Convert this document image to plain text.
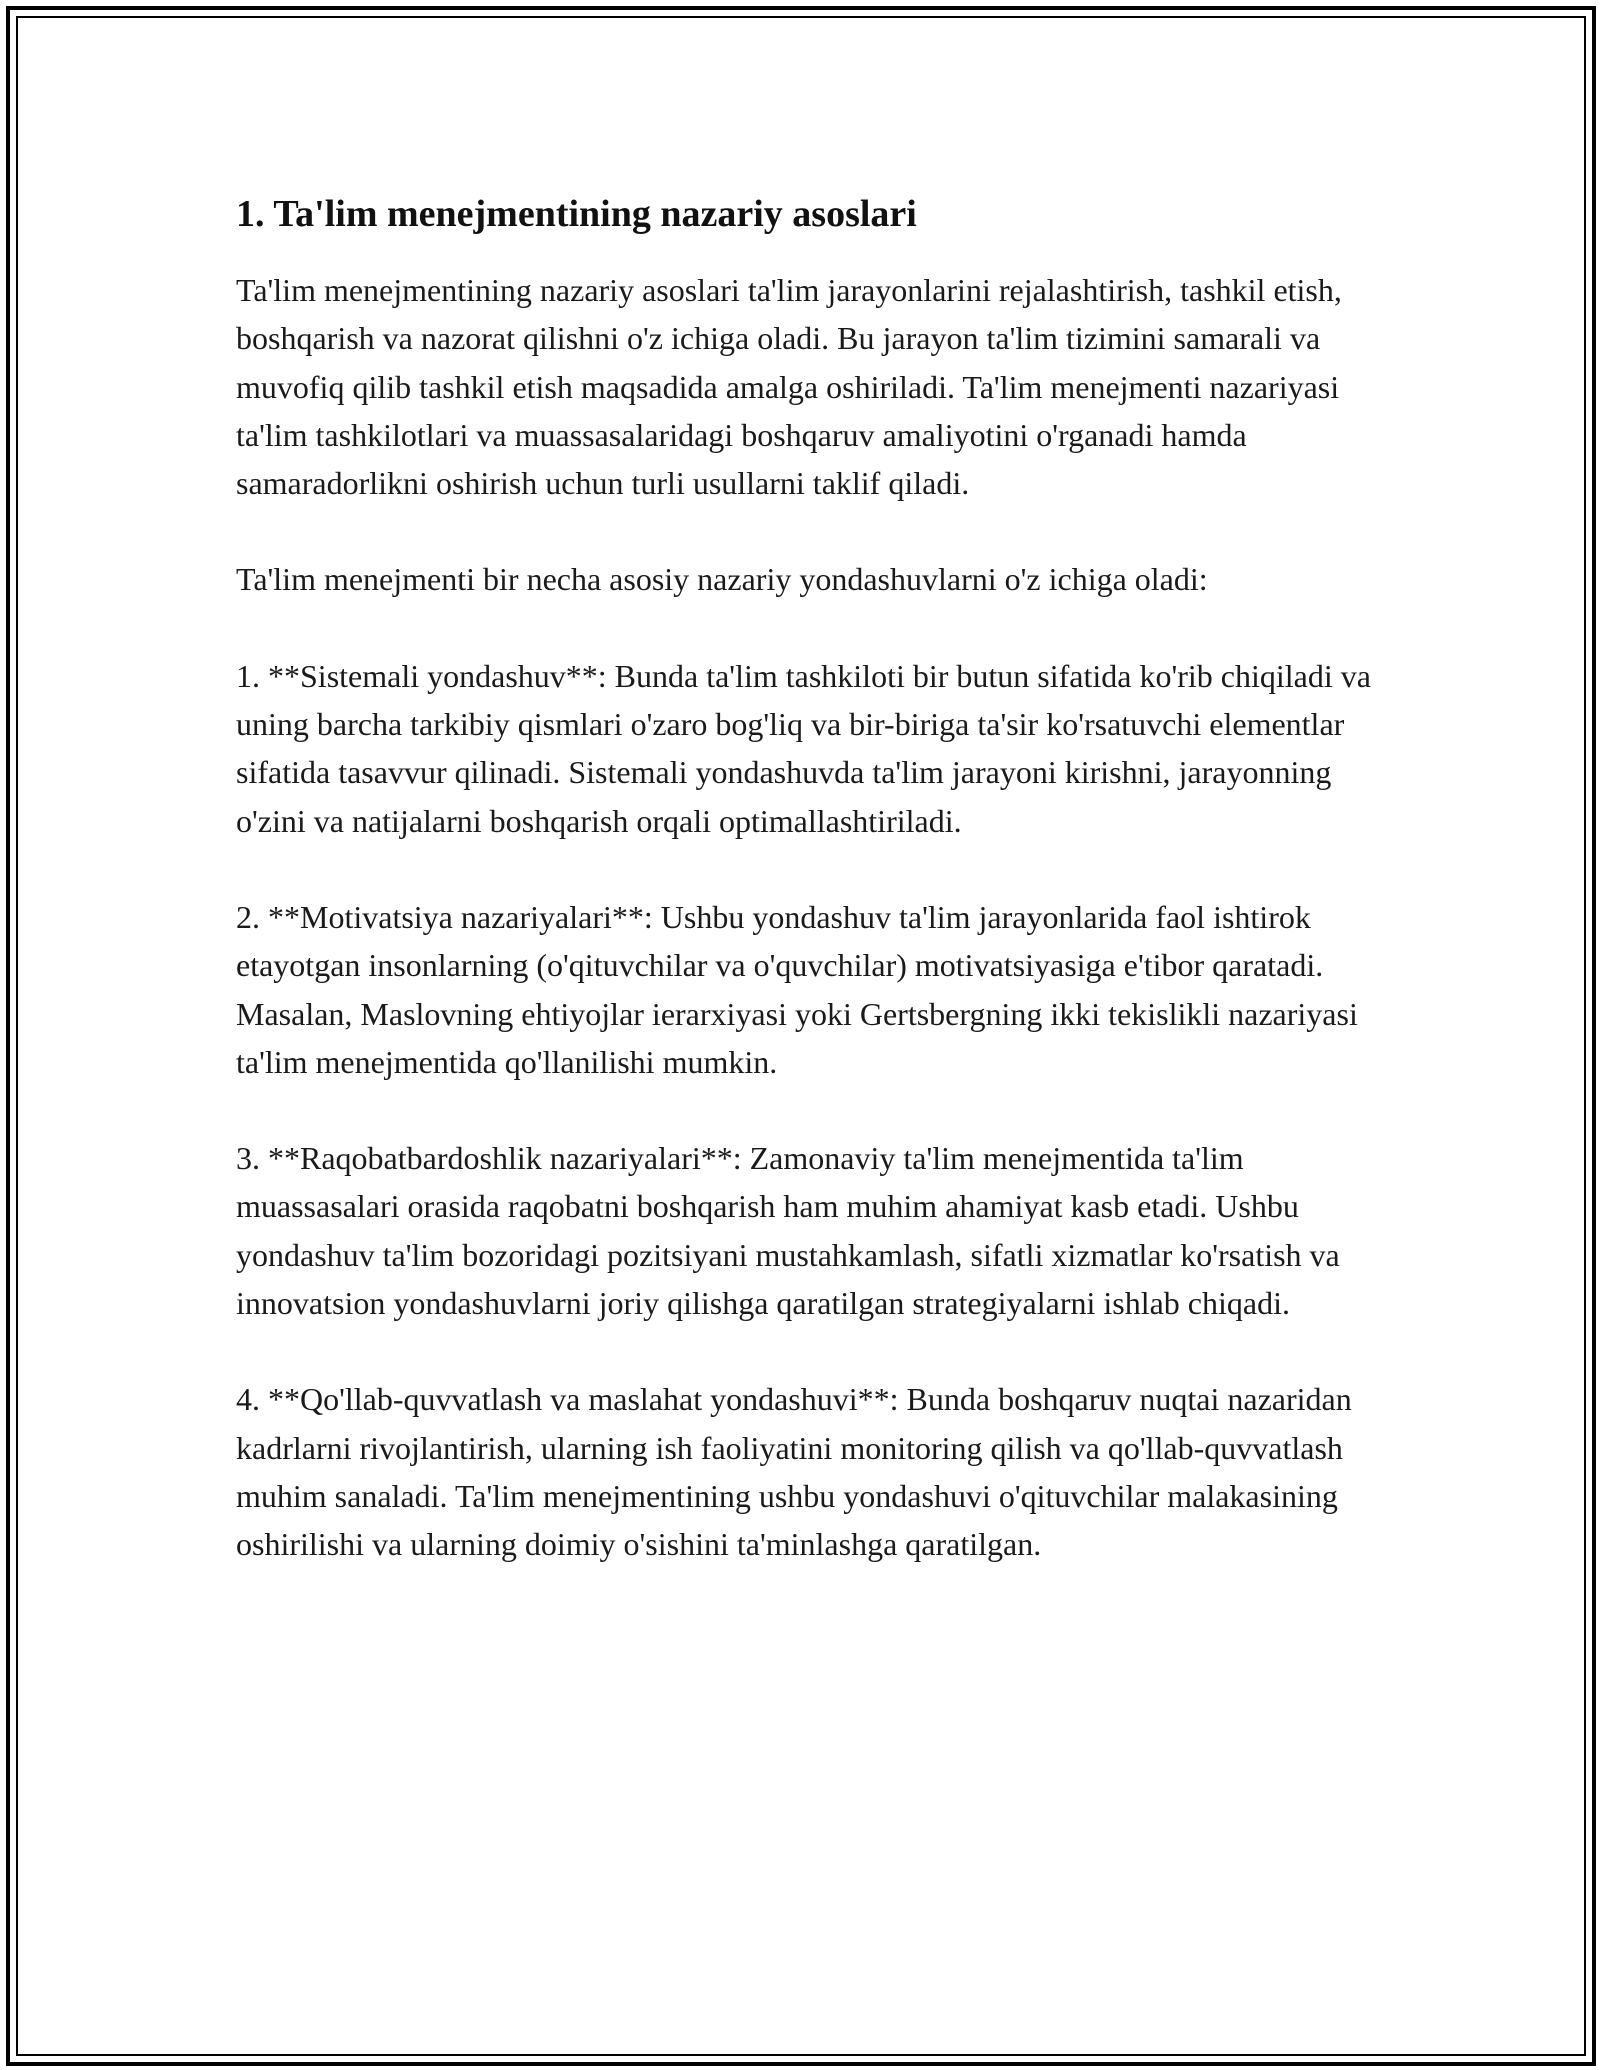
1. Ta'lim menejmentining nazariy asoslari

Ta'lim menejmentining nazariy asoslari ta'lim jarayonlarini rejalashtirish, tashkil etish, boshqarish va nazorat qilishni o'z ichiga oladi. Bu jarayon ta'lim tizimini samarali va muvofiq qilib tashkil etish maqsadida amalga oshiriladi. Ta'lim menejmenti nazariyasi ta'lim tashkilotlari va muassasalaridagi boshqaruv amaliyotini o'rganadi hamda samaradorlikni oshirish uchun turli usullarni taklif qiladi.

Ta'lim menejmenti bir necha asosiy nazariy yondashuvlarni o'z ichiga oladi:

1. **Sistemali yondashuv**: Bunda ta'lim tashkiloti bir butun sifatida ko'rib chiqiladi va uning barcha tarkibiy qismlari o'zaro bog'liq va bir-biriga ta'sir ko'rsatuvchi elementlar sifatida tasavvur qilinadi. Sistemali yondashuvda ta'lim jarayoni kirishni, jarayonning o'zini va natijalarni boshqarish orqali optimallashtiriladi.

2. **Motivatsiya nazariyalari**: Ushbu yondashuv ta'lim jarayonlarida faol ishtirok etayotgan insonlarning (o'qituvchilar va o'quvchilar) motivatsiyasiga e'tibor qaratadi. Masalan, Maslovning ehtiyojlar ierarxiyasi yoki Gertsbergning ikki tekislikli nazariyasi ta'lim menejmentida qo'llanilishi mumkin.

3. **Raqobatbardoshlik nazariyalari**: Zamonaviy ta'lim menejmentida ta'lim muassasalari orasida raqobatni boshqarish ham muhim ahamiyat kasb etadi. Ushbu yondashuv ta'lim bozoridagi pozitsiyani mustahkamlash, sifatli xizmatlar ko'rsatish va innovatsion yondashuvlarni joriy qilishga qaratilgan strategiyalarni ishlab chiqadi.

4. **Qo'llab-quvvatlash va maslahat yondashuvi**: Bunda boshqaruv nuqtai nazaridan kadrlarni rivojlantirish, ularning ish faoliyatini monitoring qilish va qo'llab-quvvatlash muhim sanaladi. Ta'lim menejmentining ushbu yondashuvi o'qituvchilar malakasining oshirilishi va ularning doimiy o'sishini ta'minlashga qaratilgan.
